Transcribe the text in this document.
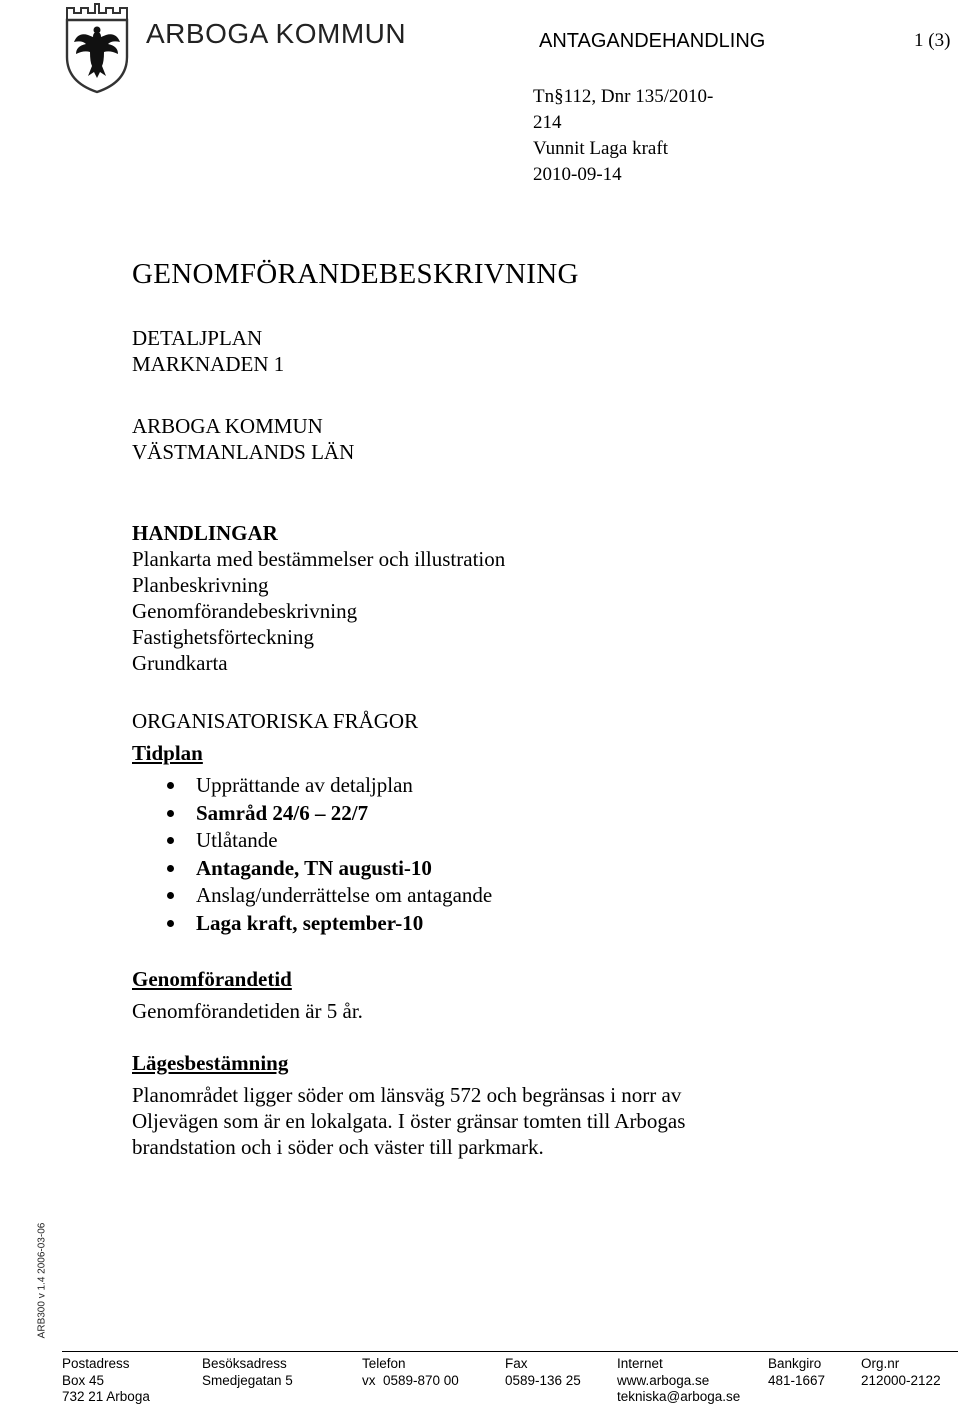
ARBOGA KOMMUN	ANTAGANDEHANDLING	1 (3)
Tn§112, Dnr 135/2010-
214
Vunnit Laga kraft
2010-09-14
GENOMFÖRANDEBESKRIVNING
DETALJPLAN
MARKNADEN 1
ARBOGA KOMMUN
VÄSTMANLANDS LÄN
HANDLINGAR
Plankarta med bestämmelser och illustration
Planbeskrivning
Genomförandebeskrivning
Fastighetsförteckning
Grundkarta
ORGANISATORISKA FRÅGOR
Tidplan
Upprättande av detaljplan
Samråd 24/6 – 22/7
Utlåtande
Antagande, TN augusti-10
Anslag/underrättelse om antagande
Laga kraft, september-10
Genomförandetid
Genomförandetiden är 5 år.
Lägesbestämning
Planområdet ligger söder om länsväg 572 och begränsas i norr av
Oljevägen som är en lokalgata. I öster gränsar tomten till Arbogas
brandstation och i söder och väster till parkmark.
ARB300 v 1.4 2006-03-06
Postadress
Box 45
732 21 Arboga
Besöksadress
Smedjegatan 5
Telefon
vx  0589-870 00
Fax
0589-136 25
Internet
www.arboga.se
tekniska@arboga.se
Bankgiro
481-1667
Org.nr
212000-2122
